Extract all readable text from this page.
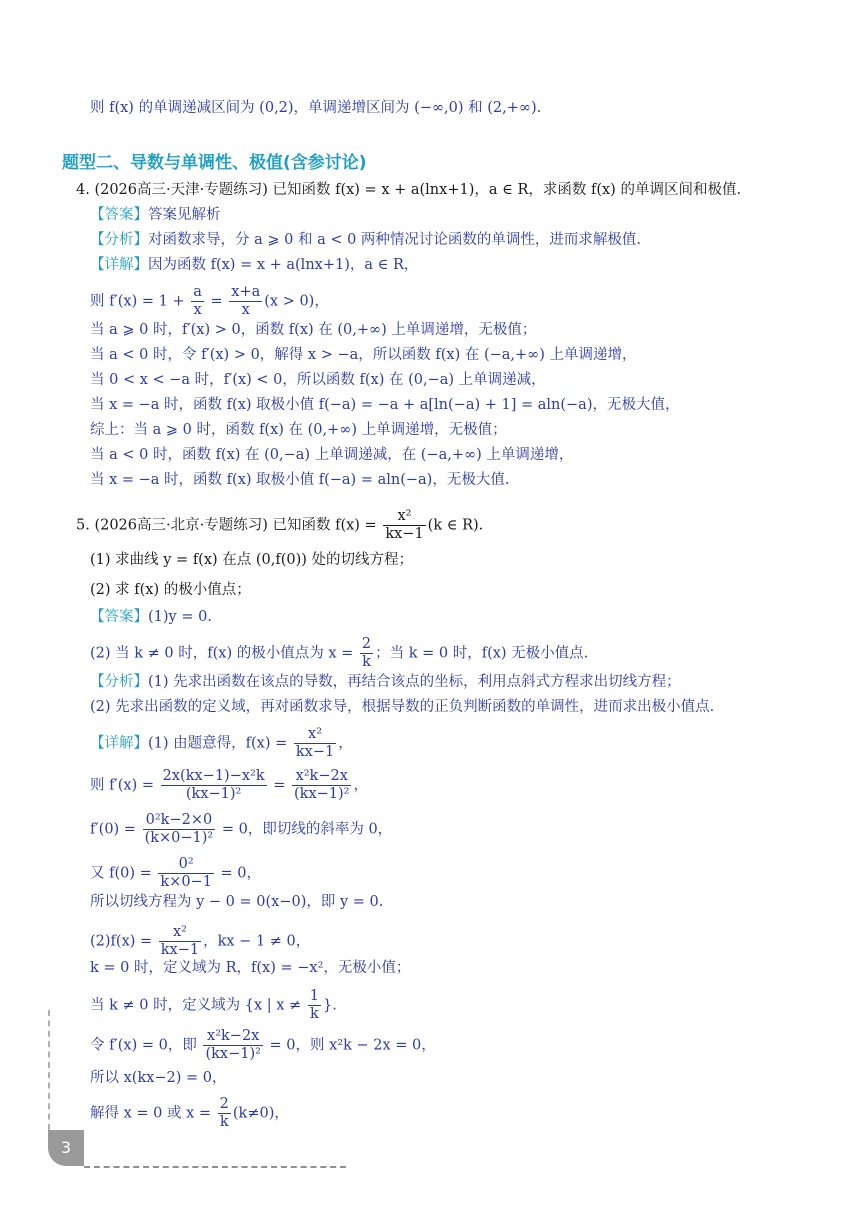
则 f(x) 的单调递减区间为 (0,2)，单调递增区间为 (−∞,0) 和 (2,+∞).
题型二、导数与单调性、极值(含参讨论)
4. (2026高三·天津·专题练习) 已知函数 f(x) = x + a(lnx+1)，a ∈ R，求函数 f(x) 的单调区间和极值.
【答案】答案见解析
【分析】对函数求导，分 a ⩾ 0 和 a < 0 两种情况讨论函数的单调性，进而求解极值.
【详解】因为函数 f(x) = x + a(lnx+1)，a ∈ R，
则 $f'(x) = 1 + \frac{a}{x} = \frac{x+a}{x} (x > 0)$，
当 a ⩾ 0 时，f′(x) > 0，函数 f(x) 在 (0,+∞) 上单调递增，无极值；
当 a < 0 时，令 f′(x) > 0，解得 x > −a，所以函数 f(x) 在 (−a,+∞) 上单调递增，
当 0 < x < −a 时，f′(x) < 0，所以函数 f(x) 在 (0,−a) 上单调递减，
当 x = −a 时，函数 f(x) 取极小值 f(−a) = −a + a[ln(−a) + 1] = aln(−a)，无极大值，
综上：当 a ⩾ 0 时，函数 f(x) 在 (0,+∞) 上单调递增，无极值；
当 a < 0 时，函数 f(x) 在 (0,−a) 上单调递减，在 (−a,+∞) 上单调递增，
当 x = −a 时，函数 f(x) 取极小值 f(−a) = aln(−a)，无极大值.
5. (2026高三·北京·专题练习) 已知函数 $f(x) = \frac{\text{x²}}{kx-1} (k$ ∈ R).
(1) 求曲线 y = f(x) 在点 (0,f(0)) 处的切线方程；
(2) 求 f(x) 的极小值点；
【答案】(1)y = 0.
(2) 当 k ≠ 0 时，f(x) 的极小值点为 $x = \frac{2}{k}$ ；当 k = 0 时，f(x) 无极小值点.
【分析】(1) 先求出函数在该点的导数，再结合该点的坐标，利用点斜式方程求出切线方程；
(2) 先求出函数的定义域，再对函数求导，根据导数的正负判断函数的单调性，进而求出极小值点.
【详解】(1) 由题意得，$f(x) = \frac{\text{x²}}{kx-1}$ ，
则 $f'(x) = \frac{\text{2x(kx−1)−x²k}}{\text{(kx−1)²}} = \frac{\text{x²k−2x}}{\text{(kx−1)²}}$ ，
$f'(0) = \frac{\text{0²k−2×0}}{\text{(k×0−1)²}} = 0$，即切线的斜率为 0，
又 $f(0) = \frac{\text{0²}}{k\times 0-1} = 0$，
所以切线方程为 y − 0 = 0(x−0)，即 y = 0.
$(2)f(x) = \frac{\text{x²}}{kx-1}$ ，kx − 1 ≠ 0，
k = 0 时，定义域为 R，f(x) = −x²，无极小值；
当 k ≠ 0 时，定义域为 {x | $x \ne \frac{1}{k}$ }.
令 f′(x) = 0，即 $\frac{\text{x²k−2x}}{\text{(kx−1)²}} = 0$，则 x²k − 2x = 0，
所以 x(kx−2) = 0，
解得 x = 0 或 $x = \frac{2}{k} (k\ne 0)$，
3
